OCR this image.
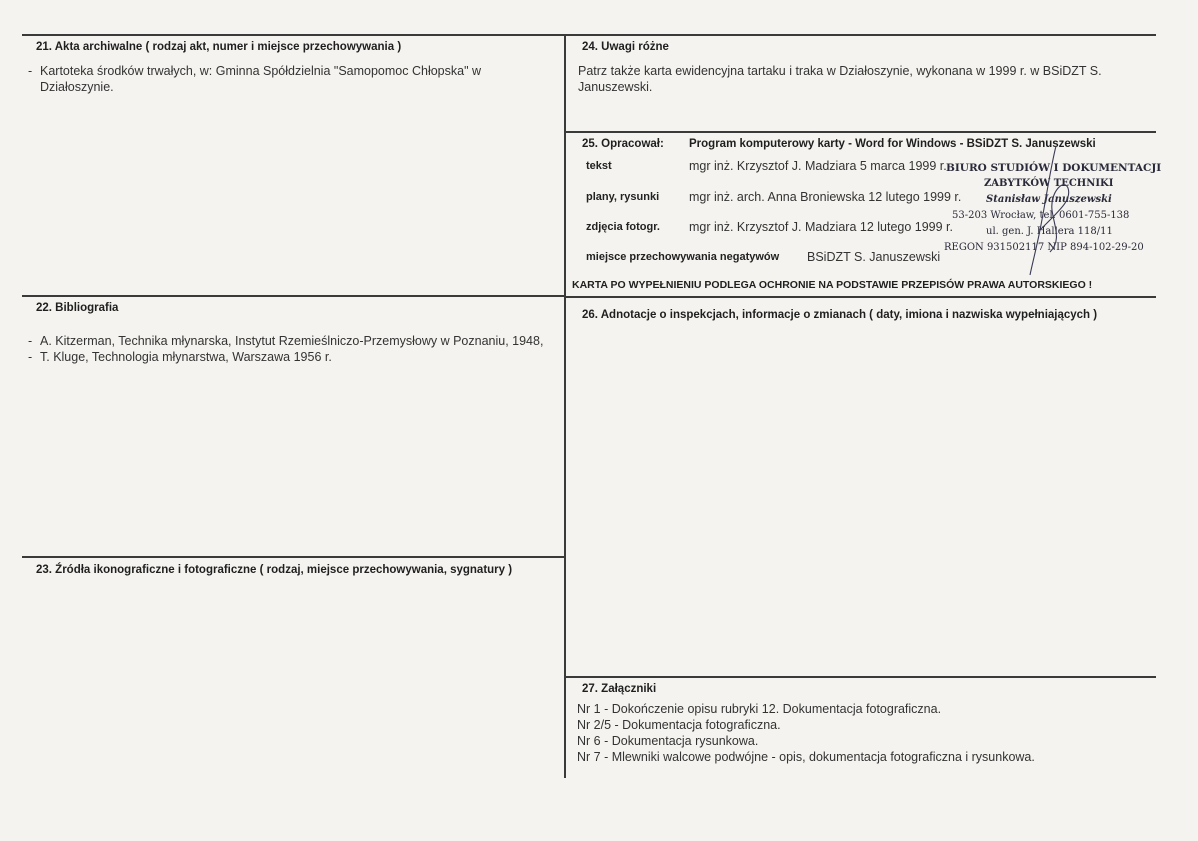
21. Akta archiwalne ( rodzaj akt, numer i miejsce przechowywania )
- Kartoteka środków trwałych, w: Gminna Spółdzielnia "Samopomoc Chłopska" w Działoszynie.
22. Bibliografia
- A. Kitzerman, Technika młynarska, Instytut Rzemieślniczo-Przemysłowy w Poznaniu, 1948,
- T. Kluge, Technologia młynarstwa, Warszawa 1956 r.
23. Źródła ikonograficzne i fotograficzne ( rodzaj, miejsce przechowywania, sygnatury )
24. Uwagi różne
Patrz także karta ewidencyjna tartaku i traka w Działoszynie, wykonana w 1999 r. w BSiDZT S. Januszewski.
25. Opracował: Program komputerowy karty - Word for Windows - BSiDZT S. Januszewski
tekst	mgr inż. Krzysztof J. Madziara 5 marca 1999 r.
plany, rysunki mgr inż. arch. Anna Broniewska 12 lutego 1999 r.
zdjęcia fotogr. mgr inż. Krzysztof J. Madziara 12 lutego 1999 r.
miejsce przechowywania negatywów BSiDZT S. Januszewski
KARTA PO WYPEŁNIENIU PODLEGA OCHRONIE NA PODSTAWIE PRZEPISÓW PRAWA AUTORSKIEGO !
BIURO STUDIÓW I DOKUMENTACJI
ZABYTKÓW TECHNIKI
Stanisław Januszewski
53-203 Wrocław, tel. 0601-755-138
ul. gen. J. Hallera 118/11
REGON 931502117 NIP 894-102-29-20
26. Adnotacje o inspekcjach, informacje o zmianach ( daty, imiona i nazwiska wypełniających )
27. Załączniki
Nr 1 - Dokończenie opisu rubryki 12. Dokumentacja fotograficzna.
Nr 2/5 - Dokumentacja fotograficzna.
Nr 6 - Dokumentacja rysunkowa.
Nr 7 - Mlewniki walcowe podwójne - opis, dokumentacja fotograficzna i rysunkowa.
